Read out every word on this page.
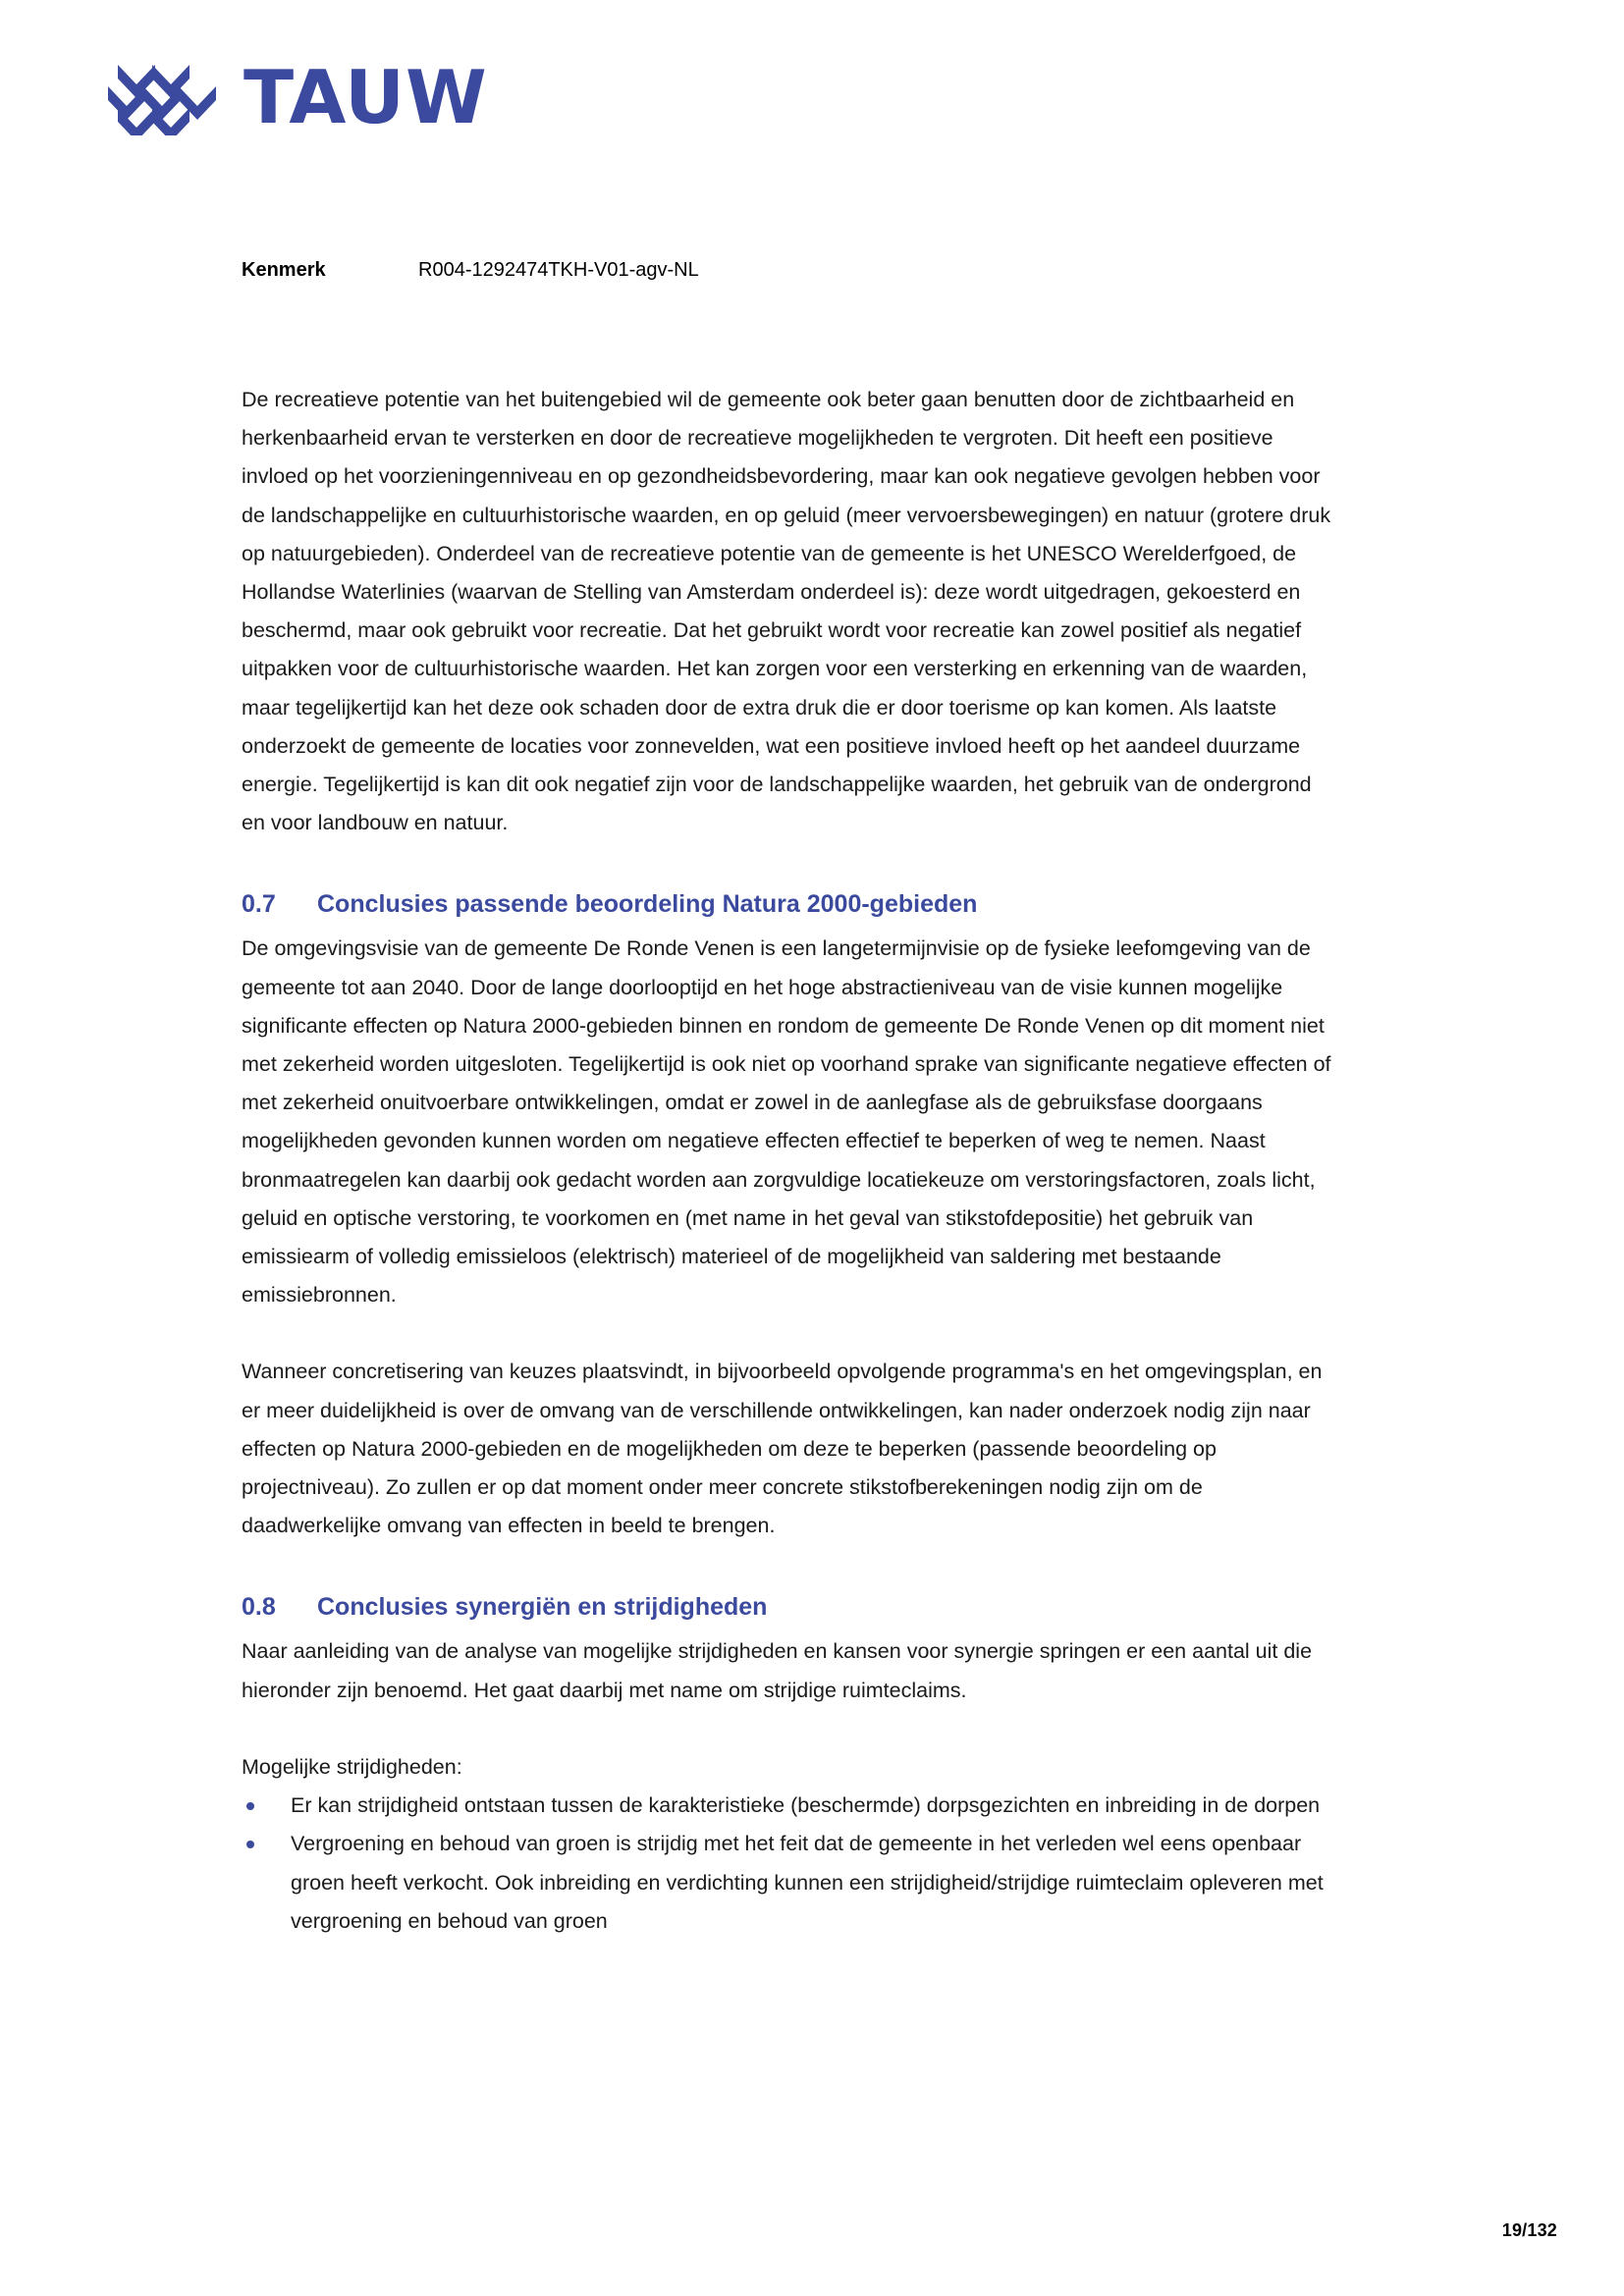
TAUW
Kenmerk	R004-1292474TKH-V01-agv-NL

De recreatieve potentie van het buitengebied wil de gemeente ook beter gaan benutten door de zichtbaarheid en herkenbaarheid ervan te versterken en door de recreatieve mogelijkheden te vergroten. Dit heeft een positieve invloed op het voorzieningenniveau en op gezondheidsbevordering, maar kan ook negatieve gevolgen hebben voor de landschappelijke en cultuurhistorische waarden, en op geluid (meer vervoersbewegingen) en natuur (grotere druk op natuurgebieden). Onderdeel van de recreatieve potentie van de gemeente is het UNESCO Werelderfgoed, de Hollandse Waterlinies (waarvan de Stelling van Amsterdam onderdeel is): deze wordt uitgedragen, gekoesterd en beschermd, maar ook gebruikt voor recreatie. Dat het gebruikt wordt voor recreatie kan zowel positief als negatief uitpakken voor de cultuurhistorische waarden. Het kan zorgen voor een versterking en erkenning van de waarden, maar tegelijkertijd kan het deze ook schaden door de extra druk die er door toerisme op kan komen. Als laatste onderzoekt de gemeente de locaties voor zonnevelden, wat een positieve invloed heeft op het aandeel duurzame energie. Tegelijkertijd is kan dit ook negatief zijn voor de landschappelijke waarden, het gebruik van de ondergrond en voor landbouw en natuur.

0.7	Conclusies passende beoordeling Natura 2000-gebieden

De omgevingsvisie van de gemeente De Ronde Venen is een langetermijnvisie op de fysieke leefomgeving van de gemeente tot aan 2040. Door de lange doorlooptijd en het hoge abstractieniveau van de visie kunnen mogelijke significante effecten op Natura 2000-gebieden binnen en rondom de gemeente De Ronde Venen op dit moment niet met zekerheid worden uitgesloten. Tegelijkertijd is ook niet op voorhand sprake van significante negatieve effecten of met zekerheid onuitvoerbare ontwikkelingen, omdat er zowel in de aanlegfase als de gebruiksfase doorgaans mogelijkheden gevonden kunnen worden om negatieve effecten effectief te beperken of weg te nemen. Naast bronmaatregelen kan daarbij ook gedacht worden aan zorgvuldige locatiekeuze om verstoringsfactoren, zoals licht, geluid en optische verstoring, te voorkomen en (met name in het geval van stikstofdepositie) het gebruik van emissiearm of volledig emissieloos (elektrisch) materieel of de mogelijkheid van saldering met bestaande emissiebronnen.

Wanneer concretisering van keuzes plaatsvindt, in bijvoorbeeld opvolgende programma's en het omgevingsplan, en er meer duidelijkheid is over de omvang van de verschillende ontwikkelingen, kan nader onderzoek nodig zijn naar effecten op Natura 2000-gebieden en de mogelijkheden om deze te beperken (passende beoordeling op projectniveau). Zo zullen er op dat moment onder meer concrete stikstofberekeningen nodig zijn om de daadwerkelijke omvang van effecten in beeld te brengen.

0.8	Conclusies synergiën en strijdigheden

Naar aanleiding van de analyse van mogelijke strijdigheden en kansen voor synergie springen er een aantal uit die hieronder zijn benoemd. Het gaat daarbij met name om strijdige ruimteclaims.

Mogelijke strijdigheden:

Er kan strijdigheid ontstaan tussen de karakteristieke (beschermde) dorpsgezichten en inbreiding in de dorpen
Vergroening en behoud van groen is strijdig met het feit dat de gemeente in het verleden wel eens openbaar groen heeft verkocht. Ook inbreiding en verdichting kunnen een strijdigheid/strijdige ruimteclaim opleveren met vergroening en behoud van groen
19/132
